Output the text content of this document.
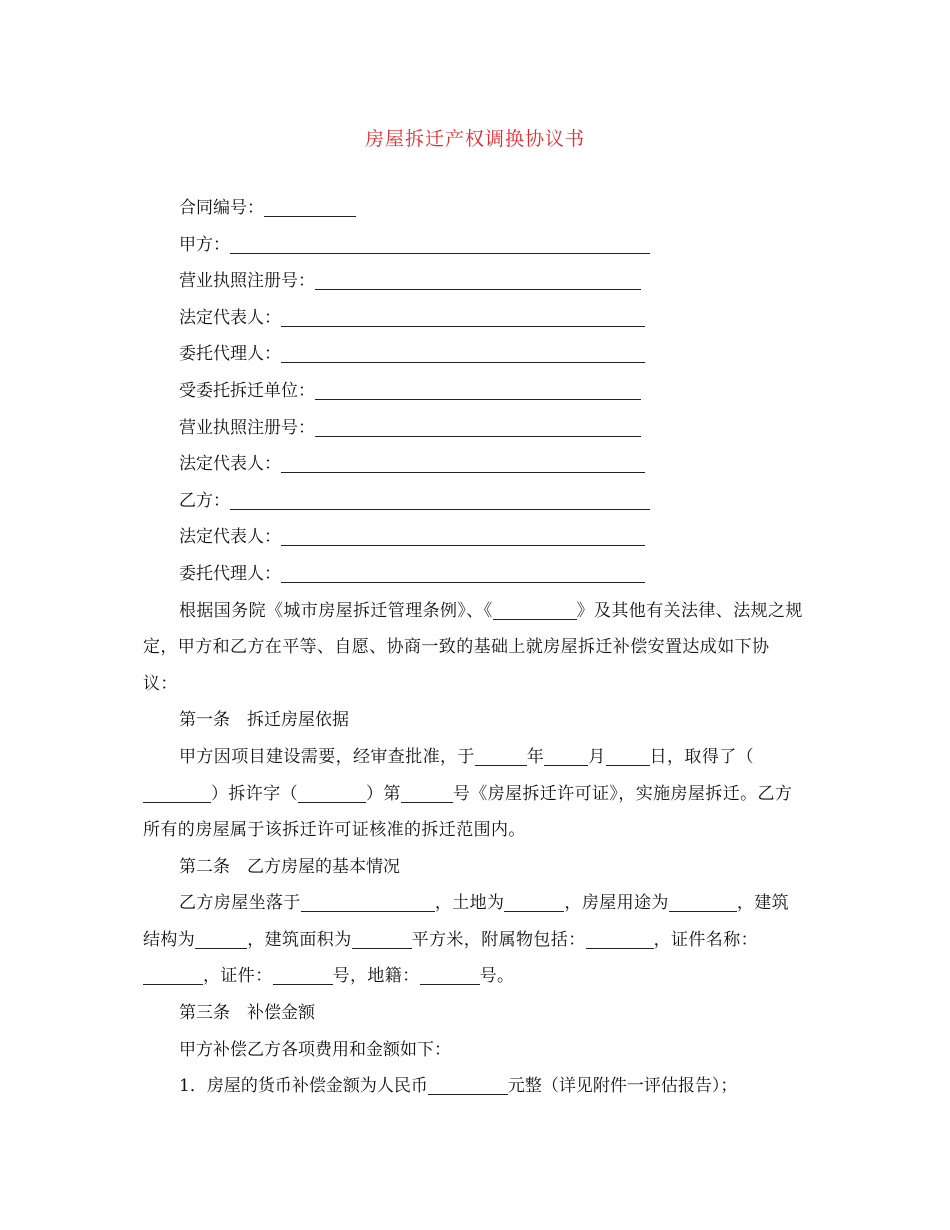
房屋拆迁产权调换协议书
合同编号：
甲方：
营业执照注册号：
法定代表人：
委托代理人：
受委托拆迁单位：
营业执照注册号：
法定代表人：
乙方：
法定代表人：
委托代理人：
根据国务院《城市房屋拆迁管理条例》、《	》及其他有关法律、法规之规定，甲方和乙方在平等、自愿、协商一致的基础上就房屋拆迁补偿安置达成如下协议：
第一条　拆迁房屋依据
甲方因项目建设需要，经审查批准，于	年	月	日，取得了（）拆许字（	）第	号《房屋拆迁许可证》，实施房屋拆迁。乙方所有的房屋属于该拆迁许可证核准的拆迁范围内。
第二条　乙方房屋的基本情况
乙方房屋坐落于	，土地为	，房屋用途为	，建筑结构为	，建筑面积为	平方米，附属物包括：	，证件名称：，证件：	号，地籍：	号。
第三条　补偿金额
甲方补偿乙方各项费用和金额如下：
1．房屋的货币补偿金额为人民币	元整（详见附件一评估报告）；
